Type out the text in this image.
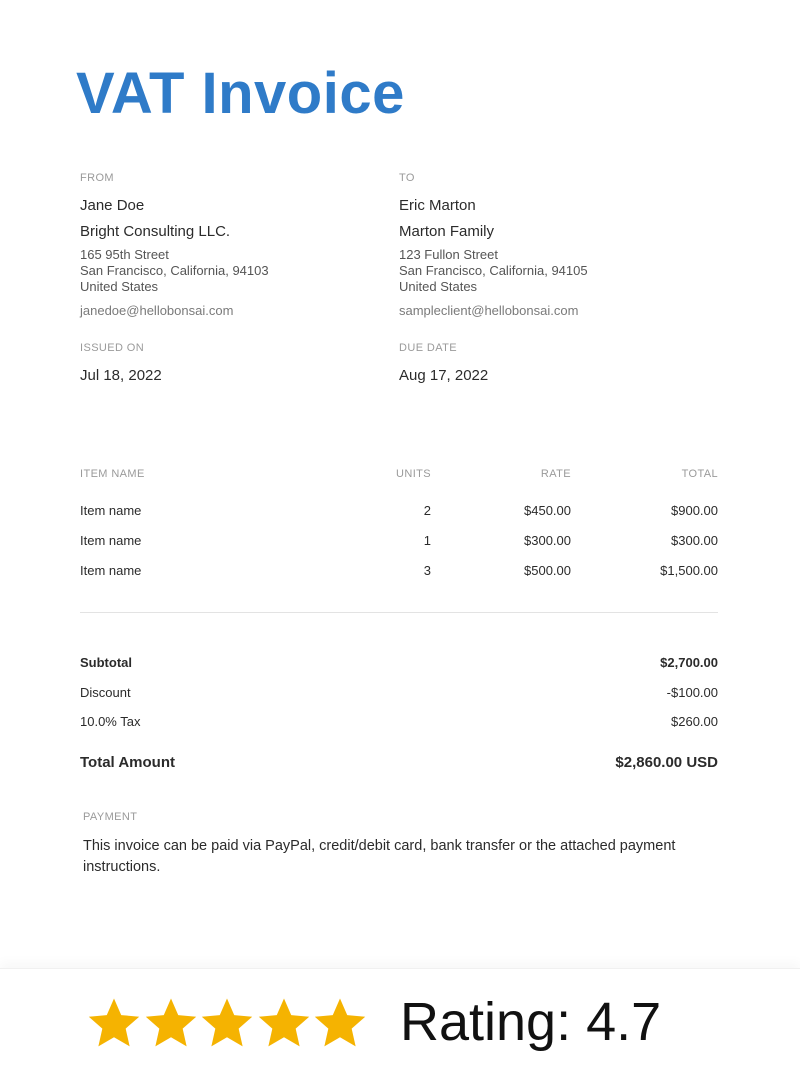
VAT Invoice
FROM
Jane Doe
Bright Consulting LLC.
165 95th Street
San Francisco, California, 94103
United States
janedoe@hellobonsai.com
TO
Eric Marton
Marton Family
123 Fullon Street
San Francisco, California, 94105
United States
sampleclient@hellobonsai.com
ISSUED ON
Jul 18, 2022
DUE DATE
Aug 17, 2022
ITEM NAME	UNITS	RATE	TOTAL
Item name	2	$450.00	$900.00
Item name	1	$300.00	$300.00
Item name	3	$500.00	$1,500.00
Subtotal	$2,700.00
Discount	-$100.00
10.0% Tax	$260.00
Total Amount	$2,860.00 USD
PAYMENT
This invoice can be paid via PayPal, credit/debit card, bank transfer or the attached payment instructions.
Rating: 4.7
